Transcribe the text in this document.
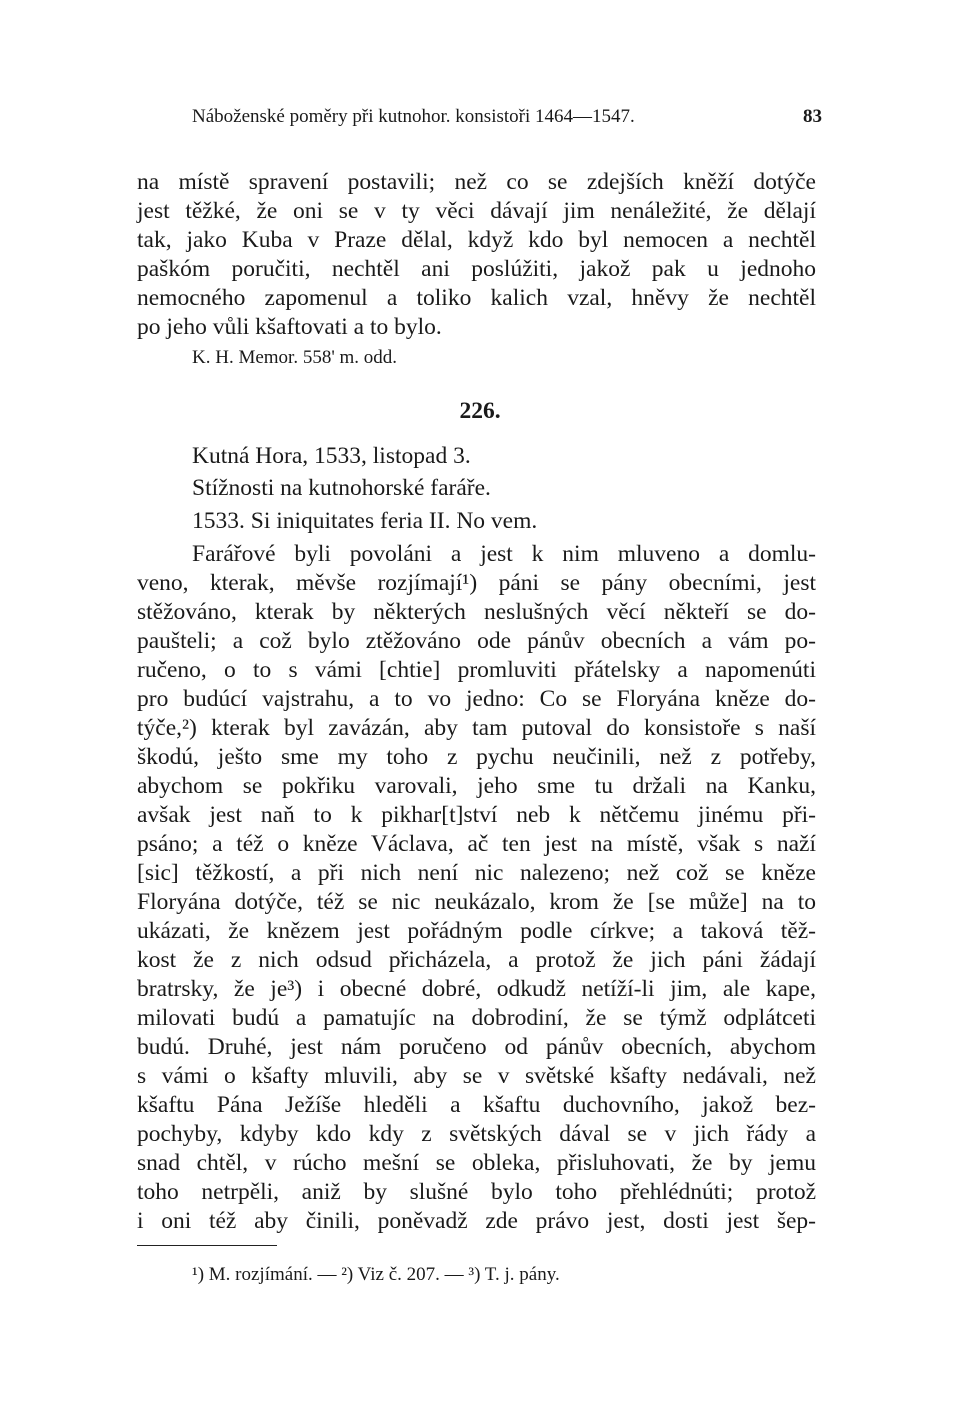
Náboženské poměry při kutnohor. konsistoři 1464—1547.	83
na místě spravení postavili; než co se zdejších kněží dotýče
jest těžké, že oni se v ty věci dávají jim nenáležité, že dělají
tak, jako Kuba v Praze dělal, když kdo byl nemocen a nechtěl
paškóm poručiti, nechtěl ani poslúžiti, jakož pak u jednoho
nemocného zapomenul a toliko kalich vzal, hněvy že nechtěl
po jeho vůli kšaftovati a to bylo.
K. H. Memor. 558' m. odd.
226.
Kutná Hora, 1533, listopad 3.
Stížnosti na kutnohorské faráře.
1533. Si iniquitates feria II. No vem.
Farářové byli povoláni a jest k nim mluveno a domlu-
veno, kterak, měvše rozjímají¹) páni se pány obecními, jest
stěžováno, kterak by některých neslušných věcí někteří se do-
paušteli; a což bylo ztěžováno ode pánův obecních a vám po-
ručeno, o to s vámi [chtie] promluviti přátelsky a napomenúti
pro budúcí vajstrahu, a to vo jedno: Co se Floryána kněze do-
týče,²) kterak byl zavázán, aby tam putoval do konsistoře s naší
škodú, ješto sme my toho z pychu neučinili, než z potřeby,
abychom se pokřiku varovali, jeho sme tu držali na Kanku,
avšak jest naň to k pikhar[t]ství neb k nětčemu jinému při-
psáno; a též o kněze Václava, ač ten jest na místě, však s naží
[sic] těžkostí, a při nich není nic nalezeno; než což se kněze
Floryána dotýče, též se nic neukázalo, krom že [se může] na to
ukázati, že knězem jest pořádným podle církve; a taková těž-
kost že z nich odsud přicházela, a protož že jich páni žádají
bratrsky, že je³) i obecné dobré, odkudž netíží-li jim, ale kape,
milovati budú a pamatujíc na dobrodiní, že se týmž odplátceti
budú. Druhé, jest nám poručeno od pánův obecních, abychom
s vámi o kšafty mluvili, aby se v světské kšafty nedávali, než
kšaftu Pána Ježíše hleděli a kšaftu duchovního, jakož bez-
pochyby, kdyby kdo kdy z světských dával se v jich řády a
snad chtěl, v rúcho mešní se obleka, přisluhovati, že by jemu
toho netrpěli, aniž by slušné bylo toho přehlédnúti; protož
i oni též aby činili, poněvadž zde právo jest, dosti jest šep-
¹) M. rozjímání. — ²) Viz č. 207. — ³) T. j. pány.
